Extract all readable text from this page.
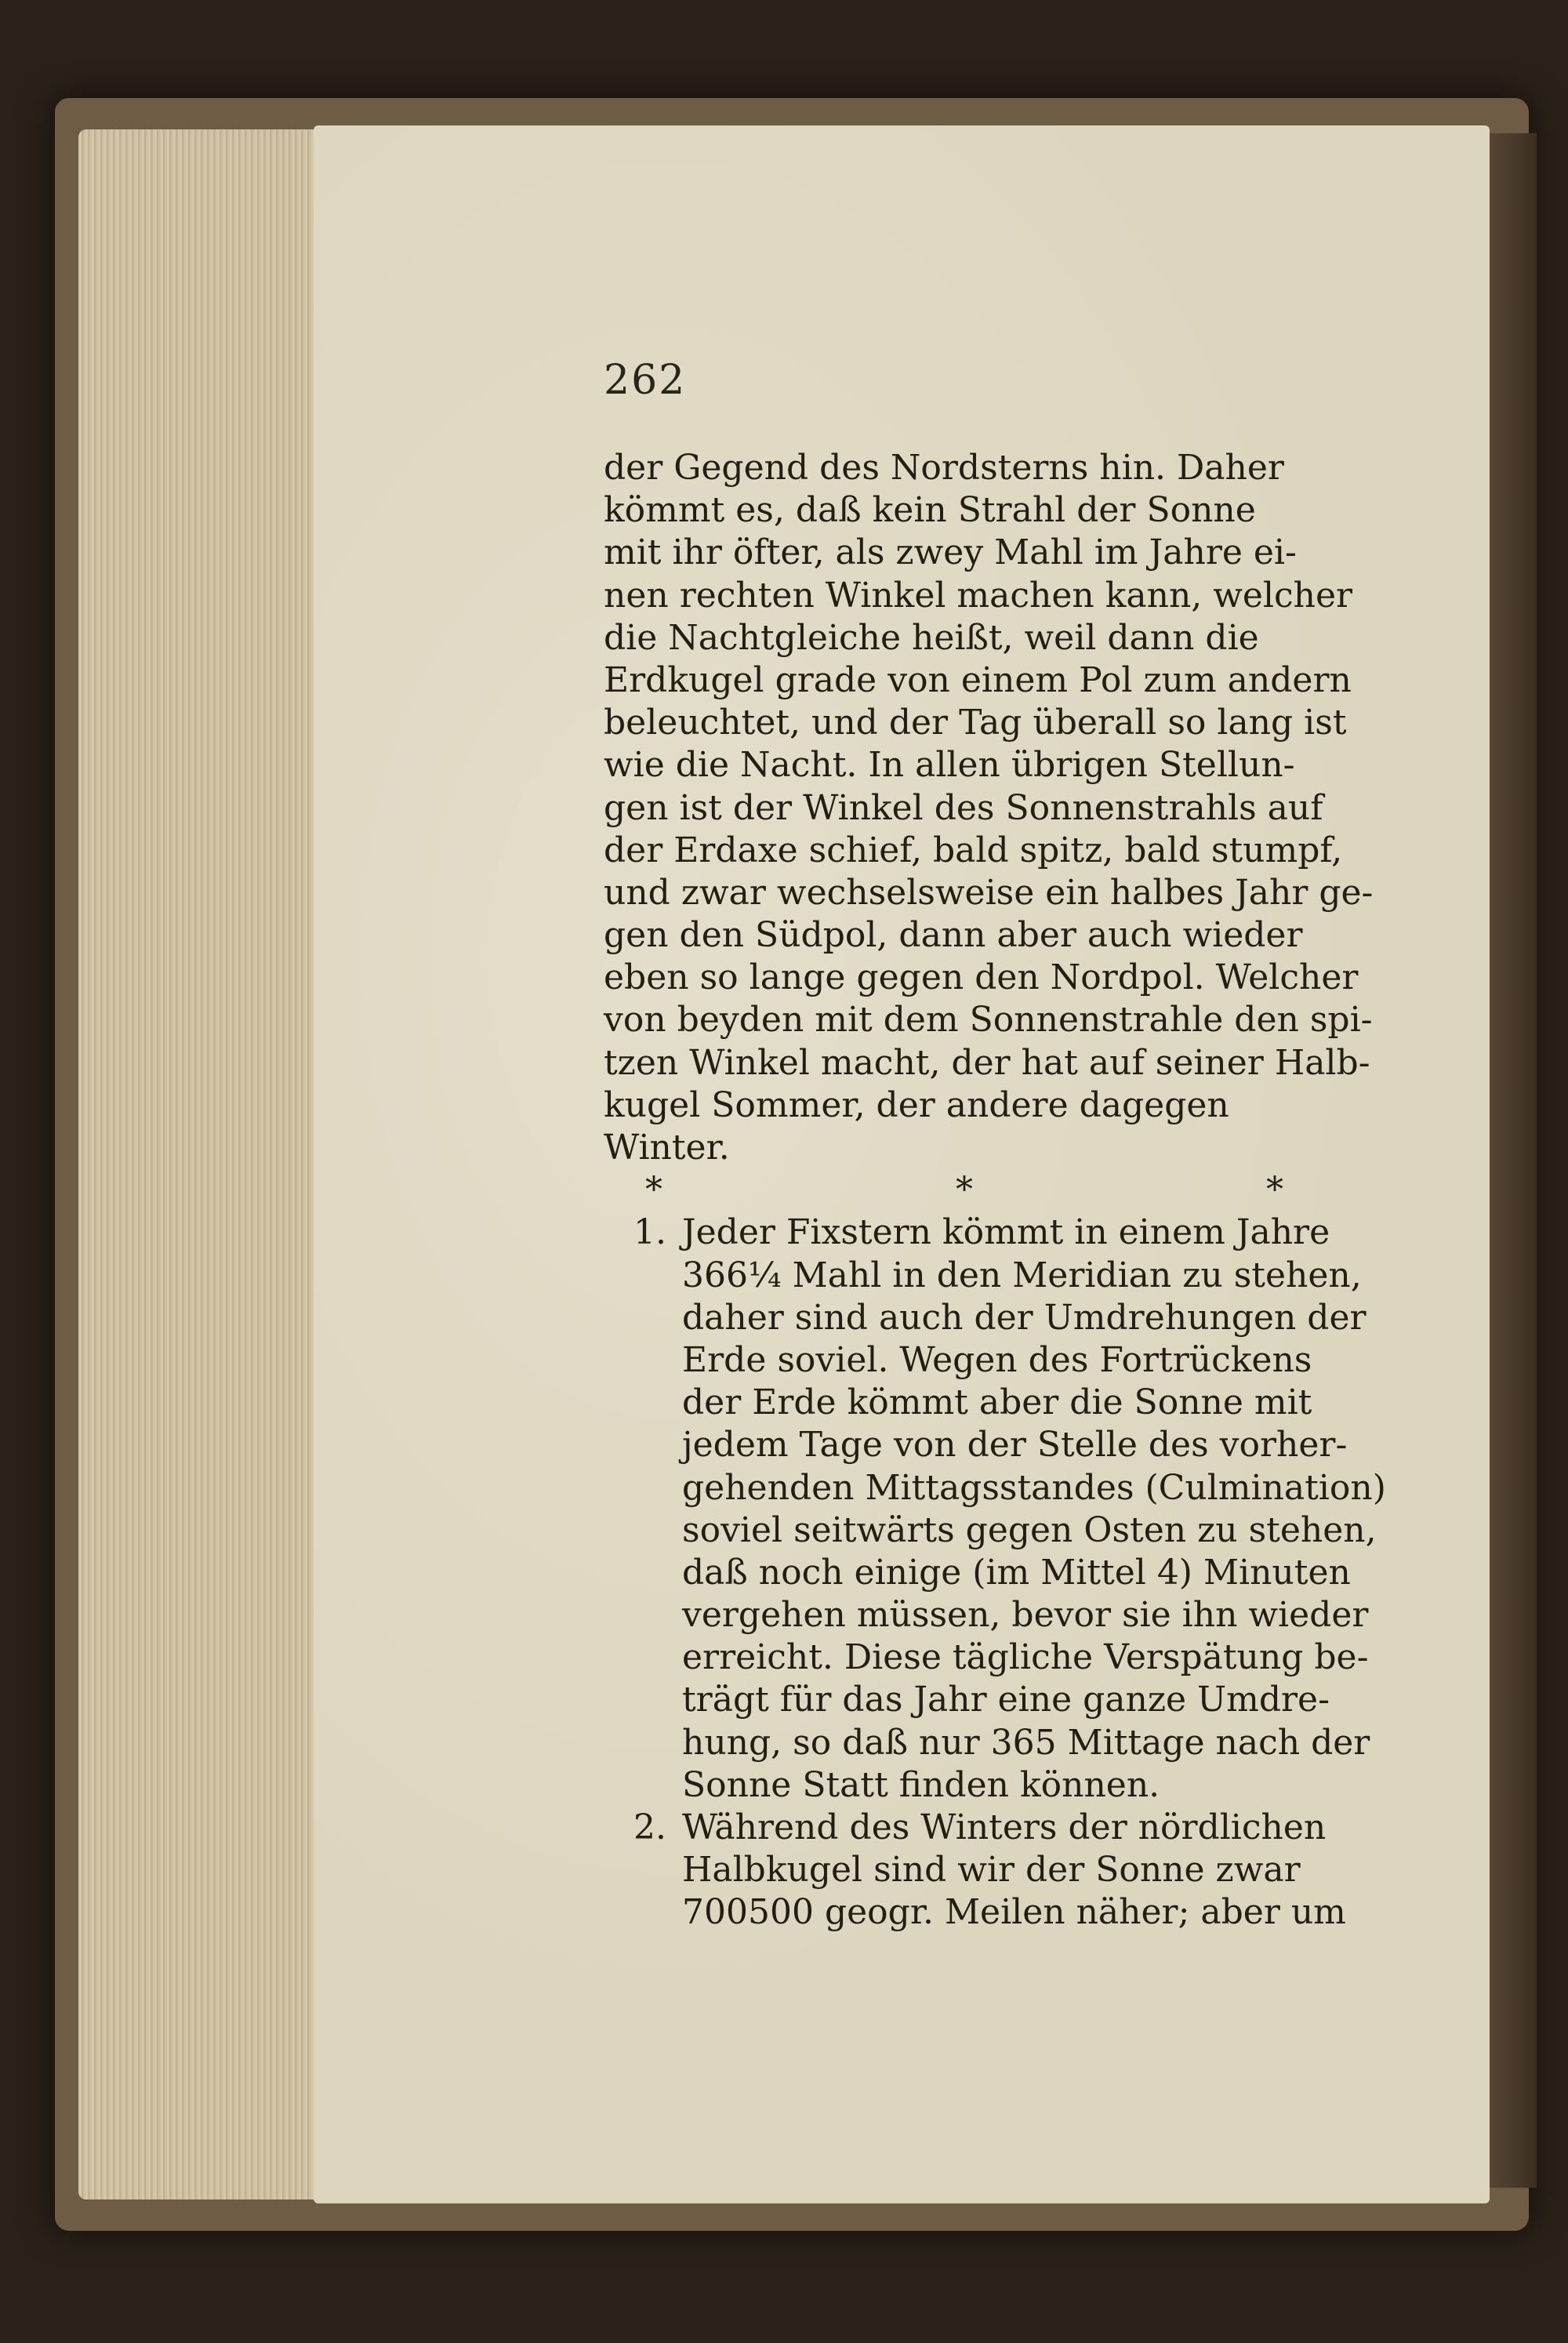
262
der Gegend des Nordsterns hin. Daher
kömmt es, daß kein Strahl der Sonne
mit ihr öfter, als zwey Mahl im Jahre ei-
nen rechten Winkel machen kann, welcher
die Nachtgleiche heißt, weil dann die
Erdkugel grade von einem Pol zum andern
beleuchtet, und der Tag überall so lang ist
wie die Nacht. In allen übrigen Stellun-
gen ist der Winkel des Sonnenstrahls auf
der Erdaxe schief, bald spitz, bald stumpf,
und zwar wechselsweise ein halbes Jahr ge-
gen den Südpol, dann aber auch wieder
eben so lange gegen den Nordpol. Welcher
von beyden mit dem Sonnenstrahle den spi-
tzen Winkel macht, der hat auf seiner Halb-
kugel Sommer, der andere dagegen
Winter.
* * *
1. Jeder Fixstern kömmt in einem Jahre
366¼ Mahl in den Meridian zu stehen,
daher sind auch der Umdrehungen der
Erde soviel. Wegen des Fortrückens
der Erde kömmt aber die Sonne mit
jedem Tage von der Stelle des vorher-
gehenden Mittagsstandes (Culmination)
soviel seitwärts gegen Osten zu stehen,
daß noch einige (im Mittel 4) Minuten
vergehen müssen, bevor sie ihn wieder
erreicht. Diese tägliche Verspätung be-
trägt für das Jahr eine ganze Umdre-
hung, so daß nur 365 Mittage nach der
Sonne Statt finden können.
2. Während des Winters der nördlichen
Halbkugel sind wir der Sonne zwar
700500 geogr. Meilen näher; aber um
